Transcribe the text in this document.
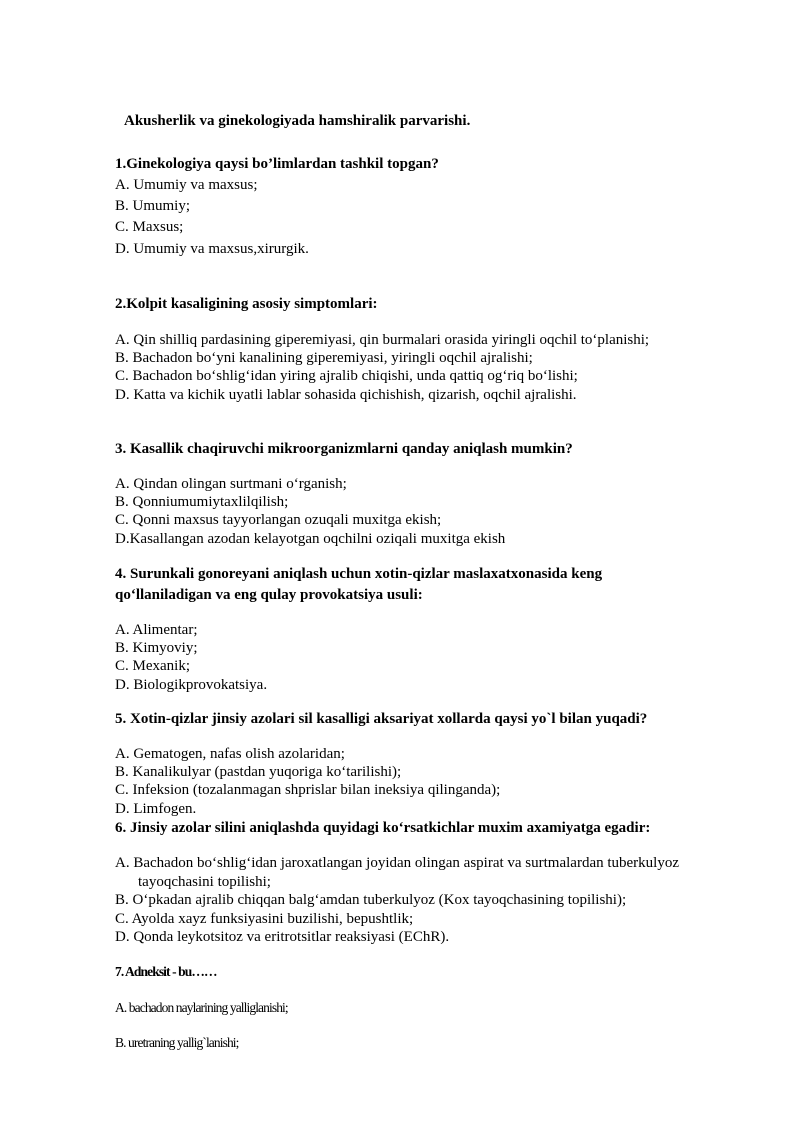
Akusherlik va ginekologiyada hamshiralik parvarishi.
1.Ginekologiya qaysi bo’limlardan tashkil topgan?
A. Umumiy va maxsus;
B. Umumiy;
C. Maxsus;
D. Umumiy va maxsus,xirurgik.
2.Kolpit kasaligining asosiy simptomlari:
A. Qin shilliq pardasining giperemiyasi, qin burmalari orasida yiringli oqchil to‘planishi;
B. Bachadon bo‘yni kanalining giperemiyasi, yiringli oqchil ajralishi;
C. Bachadon bo‘shlig‘idan yiring ajralib chiqishi, unda qattiq og‘riq bo‘lishi;
D. Katta va kichik uyatli lablar sohasida qichishish, qizarish, oqchil ajralishi.
3. Kasallik chaqiruvchi mikroorganizmlarni qanday aniqlash mumkin?
A. Qindan olingan surtmani o‘rganish;
B. Qonniumumiytaxlilqilish;
C. Qonni maxsus tayyorlangan ozuqali muxitga ekish;
D.Kasallangan azodan kelayotgan oqchilni oziqali muxitga ekish
4. Surunkali gonoreyani aniqlash uchun xotin-qizlar maslaxatxonasida keng
qo‘llaniladigan va eng qulay provokatsiya usuli:
A. Alimentar;
B. Kimyoviy;
C. Mexanik;
D. Biologikprovokatsiya.
5. Xotin-qizlar jinsiy azolari sil kasalligi aksariyat xollarda qaysi yo`l bilan yuqadi?
A. Gematogen, nafas olish azolaridan;
B. Kanalikulyar (pastdan yuqoriga ko‘tarilishi);
C. Infeksion (tozalanmagan shprislar bilan ineksiya qilinganda);
D. Limfogen.
6. Jinsiy azolar silini aniqlashda quyidagi ko‘rsatkichlar muxim axamiyatga egadir:
A. Bachadon bo‘shlig‘idan jaroxatlangan joyidan olingan aspirat va surtmalardan tuberkulyoz
tayoqchasini topilishi;
B. O‘pkadan ajralib chiqqan balg‘amdan tuberkulyoz (Kox tayoqchasining topilishi);
C. Ayolda xayz funksiyasini buzilishi, bepushtlik;
D. Qonda leykotsitoz va eritrotsitlar reaksiyasi (EChR).
7. Adneksit - bu……
A. bachadon naylarining yalliglanishi;
B. uretraning yallig`lanishi;
